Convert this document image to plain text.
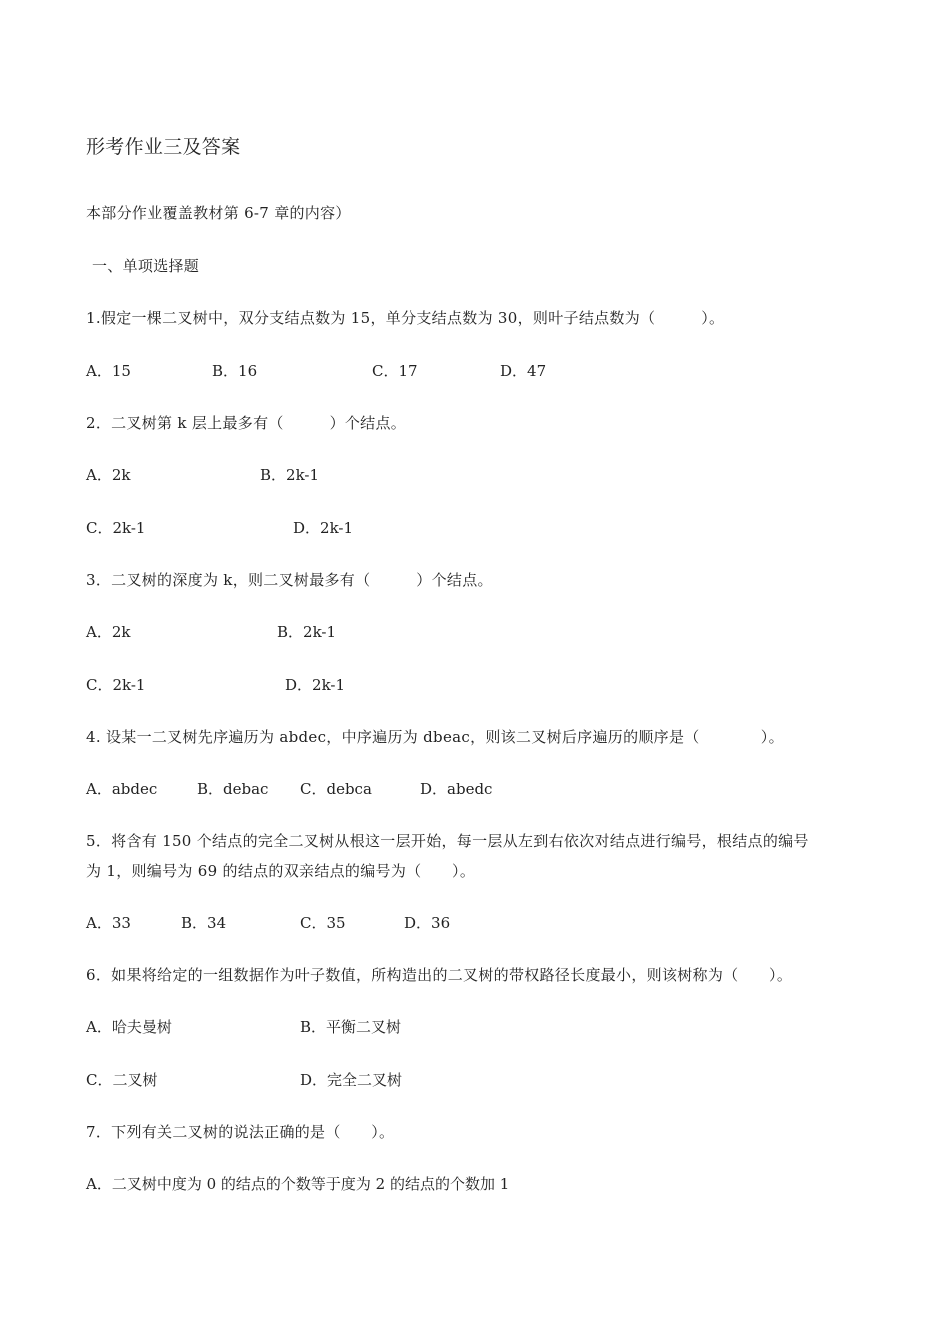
形考作业三及答案
本部分作业覆盖教材第 6-7 章的内容）
一、单项选择题
1.假定一棵二叉树中，双分支结点数为 15，单分支结点数为 30，则叶子结点数为（　　　）。
A．15	B．16	C．17	D．47
2．二叉树第 k 层上最多有（　　　）个结点。
A．2k	B．2k-1
C．2k-1	D．2k-1
3．二叉树的深度为 k，则二叉树最多有（　　　）个结点。
A．2k	B．2k-1
C．2k-1	D．2k-1
4. 设某一二叉树先序遍历为 abdec，中序遍历为 dbeac，则该二叉树后序遍历的顺序是（　　　　）。
A．abdec	B．debac C．debca	D．abedc
5．将含有 150 个结点的完全二叉树从根这一层开始，每一层从左到右依次对结点进行编号，根结点的编号
为 1，则编号为 69 的结点的双亲结点的编号为（　　）。
A．33	B．34	C．35	D．36
6．如果将给定的一组数据作为叶子数值，所构造出的二叉树的带权路径长度最小，则该树称为（　　）。
A．哈夫曼树	B．平衡二叉树
C．二叉树	D．完全二叉树
7．下列有关二叉树的说法正确的是（　　）。
A．二叉树中度为 0 的结点的个数等于度为 2 的结点的个数加 1
